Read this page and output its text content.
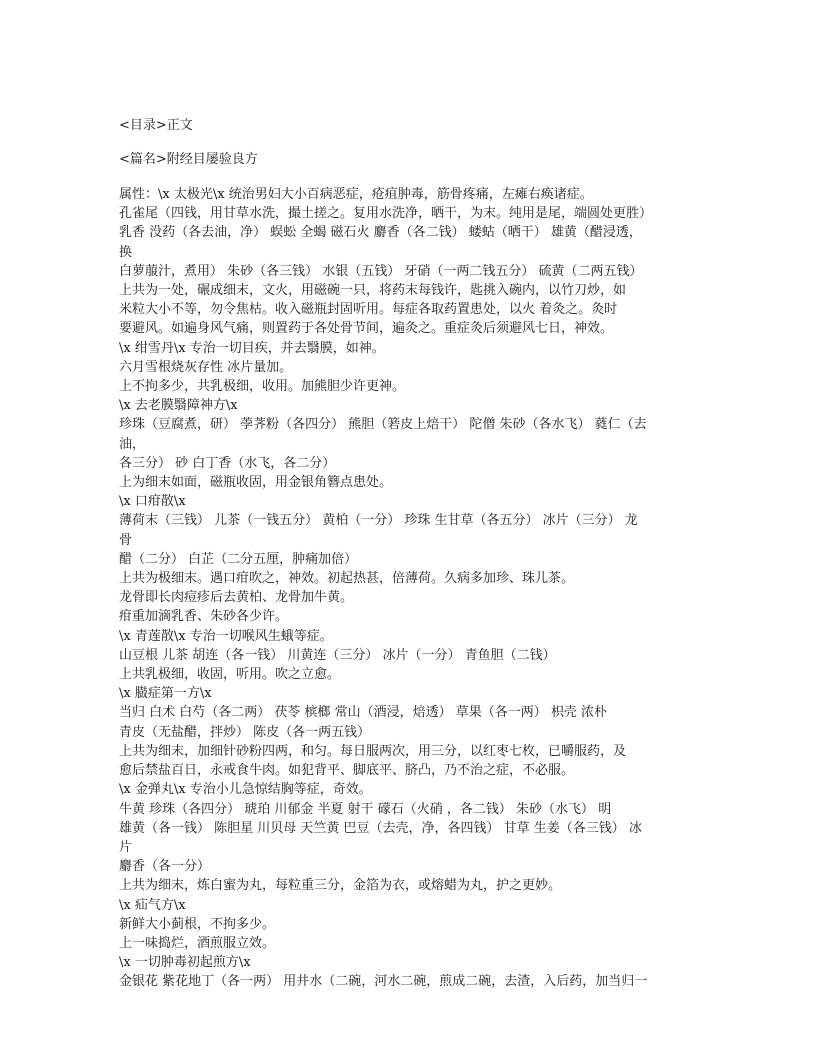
<目录>正文
<篇名>附经目屡验良方
属性：\x 太极光\x 统治男妇大小百病恶症，疮疽肿毒，筋骨疼痛，左瘫右痪诸症。
孔雀尾（四钱，用甘草水洗，撮土搓之。复用水洗净，晒干，为末。纯用是尾，端圆处更胜）
乳香 没药（各去油，净） 蜈蚣 全蝎 磁石火 麝香（各二钱） 蝼蛄（晒干） 雄黄（醋浸透，
换
白萝菔汁，煮用） 朱砂（各三钱） 水银（五钱） 牙硝（一两二钱五分） 硫黄（二两五钱）
上共为一处，碾成细末，文火，用磁碗一只，将药末每钱许，匙挑入碗内，以竹刀炒，如
米粒大小不等，勿令焦枯。收入磁瓶封固听用。每症各取药置患处，以火 着灸之。灸时
要避风。如遍身风气痛，则置药于各处骨节间，遍灸之。重症灸后须避风七日，神效。
\x 绀雪丹\x 专治一切目疾，并去翳膜，如神。
六月雪根烧灰存性 冰片量加。
上不拘多少，共乳极细，收用。加熊胆少许更神。
\x 去老膜翳障神方\x
珍珠（豆腐煮，研） 荸荠粉（各四分） 熊胆（箬皮上焙干） 陀僧 朱砂（各水飞） 蕤仁（去
油，
各三分） 砂 白丁香（水飞，各二分）
上为细末如面，磁瓶收固，用金银角簪点患处。
\x 口疳散\x
薄荷末（三钱） 儿茶（一钱五分） 黄柏（一分） 珍珠 生甘草（各五分） 冰片（三分） 龙
骨
醋（二分） 白芷（二分五厘，肿痛加倍）
上共为极细末。遇口疳吹之，神效。初起热甚，倍薄荷。久病多加珍、珠儿茶。
龙骨即长肉痘疹后去黄柏、龙骨加牛黄。
疳重加滴乳香、朱砂各少许。
\x 青莲散\x 专治一切喉风生蛾等症。
山豆根 儿茶 胡连（各一钱） 川黄连（三分） 冰片（一分） 青鱼胆（二钱）
上共乳极细，收固，听用。吹之立愈。
\x 臌症第一方\x
当归 白术 白芍（各二两） 茯苓 槟榔 常山（酒浸，焙透） 草果（各一两） 枳壳 浓朴
青皮（无盐醋，拌炒） 陈皮（各一两五钱）
上共为细末，加细针砂粉四两，和匀。每日服两次，用三分，以红枣七枚，已嚼服药，及
愈后禁盐百日，永戒食牛肉。如犯背平、脚底平、脐凸，乃不治之症，不必服。
\x 金弹丸\x 专治小儿急惊结胸等症，奇效。
牛黄 珍珠（各四分） 琥珀 川郁金 半夏 射干 礞石（火硝 ，各二钱） 朱砂（水飞） 明
雄黄（各一钱） 陈胆星 川贝母 天竺黄 巴豆（去壳，净，各四钱） 甘草 生姜（各三钱） 冰
片
麝香（各一分）
上共为细末，炼白蜜为丸，每粒重三分，金箔为衣，或熔蜡为丸，护之更妙。
\x 疝气方\x
新鲜大小蓟根，不拘多少。
上一味捣烂，酒煎服立效。
\x 一切肿毒初起煎方\x
金银花 紫花地丁（各一两） 用井水（二碗，河水二碗，煎成二碗，去渣，入后药，加当归一
